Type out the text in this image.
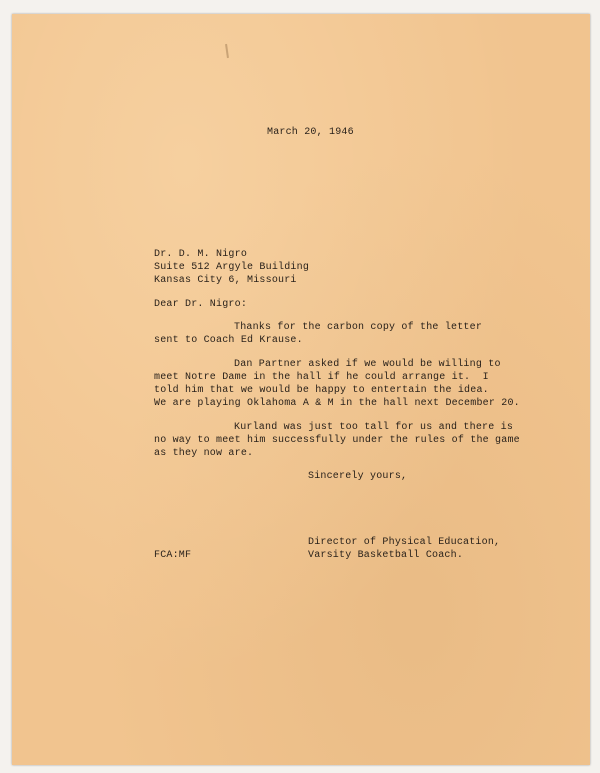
March 20, 1946
Dr. D. M. Nigro
Suite 512 Argyle Building
Kansas City 6, Missouri
Dear Dr. Nigro:
Thanks for the carbon copy of the letter
sent to Coach Ed Krause.
Dan Partner asked if we would be willing to
meet Notre Dame in the hall if he could arrange it.  I
told him that we would be happy to entertain the idea.
We are playing Oklahoma A & M in the hall next December 20.
Kurland was just too tall for us and there is
no way to meet him successfully under the rules of the game
as they now are.
Sincerely yours,
Director of Physical Education,
Varsity Basketball Coach.
FCA:MF
